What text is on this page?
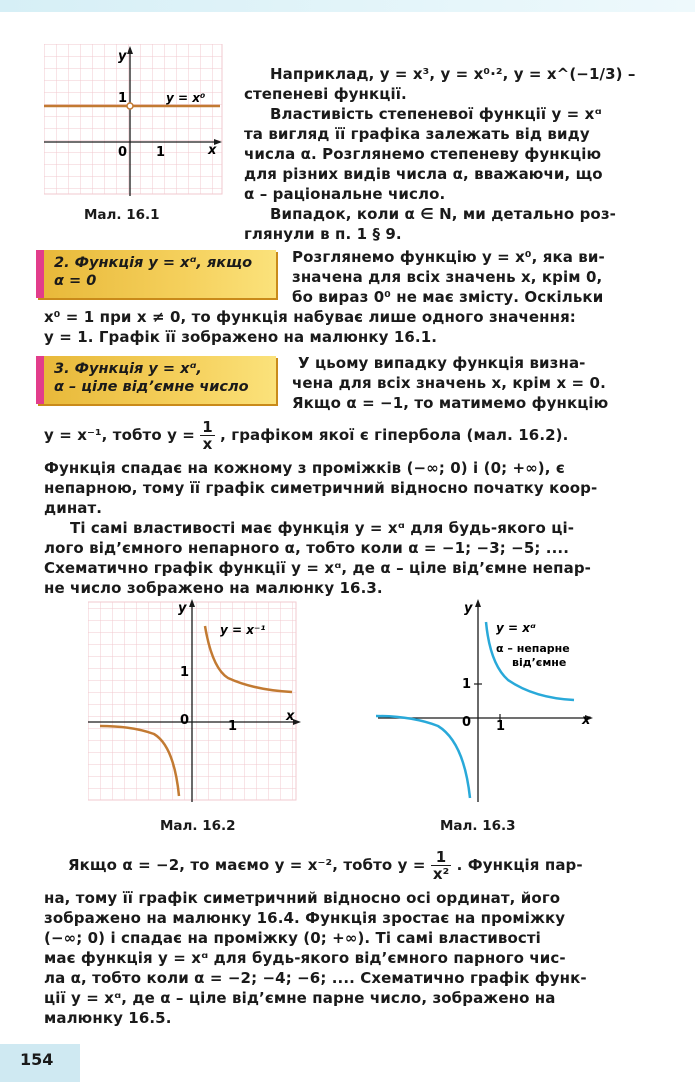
y
x
1
0 1
y = x⁰
Мал. 16.1

Наприклад, y = x³, y = x⁰·², y = x^(−1/3) –

степеневі функції.

Властивість степеневої функції y = xᵅ

та вигляд її графіка залежать від виду

числа α. Розглянемо степеневу функцію

для різних видів числа α, вважаючи, що

α – раціональне число.

Випадок, коли α ∈ N, ми детально роз-

глянули в п. 1 § 9.

2. Функція y = xᵅ, якщо
α = 0

Розглянемо функцію y = x⁰, яка ви-

значена для всіх значень x, крім 0,

бо вираз 0⁰ не має змісту. Оскільки

x⁰ = 1 при x ≠ 0, то функція набуває лише одного значення:

y = 1. Графік її зображено на малюнку 16.1.

3. Функція y = xᵅ,
α – ціле від’ємне число

У цьому випадку функція визна-

чена для всіх значень x, крім x = 0.

Якщо α = −1, то матимемо функцію

y = x⁻¹, тобто $y = \frac{1}{x}$ , графіком якої є гіпербола (мал. 16.2).

Функція спадає на кожному з проміжків (−∞; 0) і (0; +∞), є

непарною, тому її графік симетричний відносно початку коор-

динат.

Ті самі властивості має функція y = xᵅ для будь-якого ці-

лого від’ємного непарного α, тобто коли α = −1; −3; −5; ....

Схематично графік функції y = xᵅ, де α – ціле від’ємне непар-

не число зображено на малюнку 16.3.

y
x
1
0	1
y = x⁻¹
Мал. 16.2
y
x
1
0 1
y = xᵅ
α – непарне
від’ємне
Мал. 16.3
Якщо α = −2, то маємо y = x⁻², тобто $y = \frac{1}{\text{x²}}$ . Функція пар-

на, тому її графік симетричний відносно осі ординат, його

зображено на малюнку 16.4. Функція зростає на проміжку

(−∞; 0) і спадає на проміжку (0; +∞). Ті самі властивості

має функція y = xᵅ для будь-якого від’ємного парного чис-

ла α, тобто коли α = −2; −4; −6; .... Схематично графік функ-

ції y = xᵅ, де α – ціле від’ємне парне число, зображено на

малюнку 16.5.

154
